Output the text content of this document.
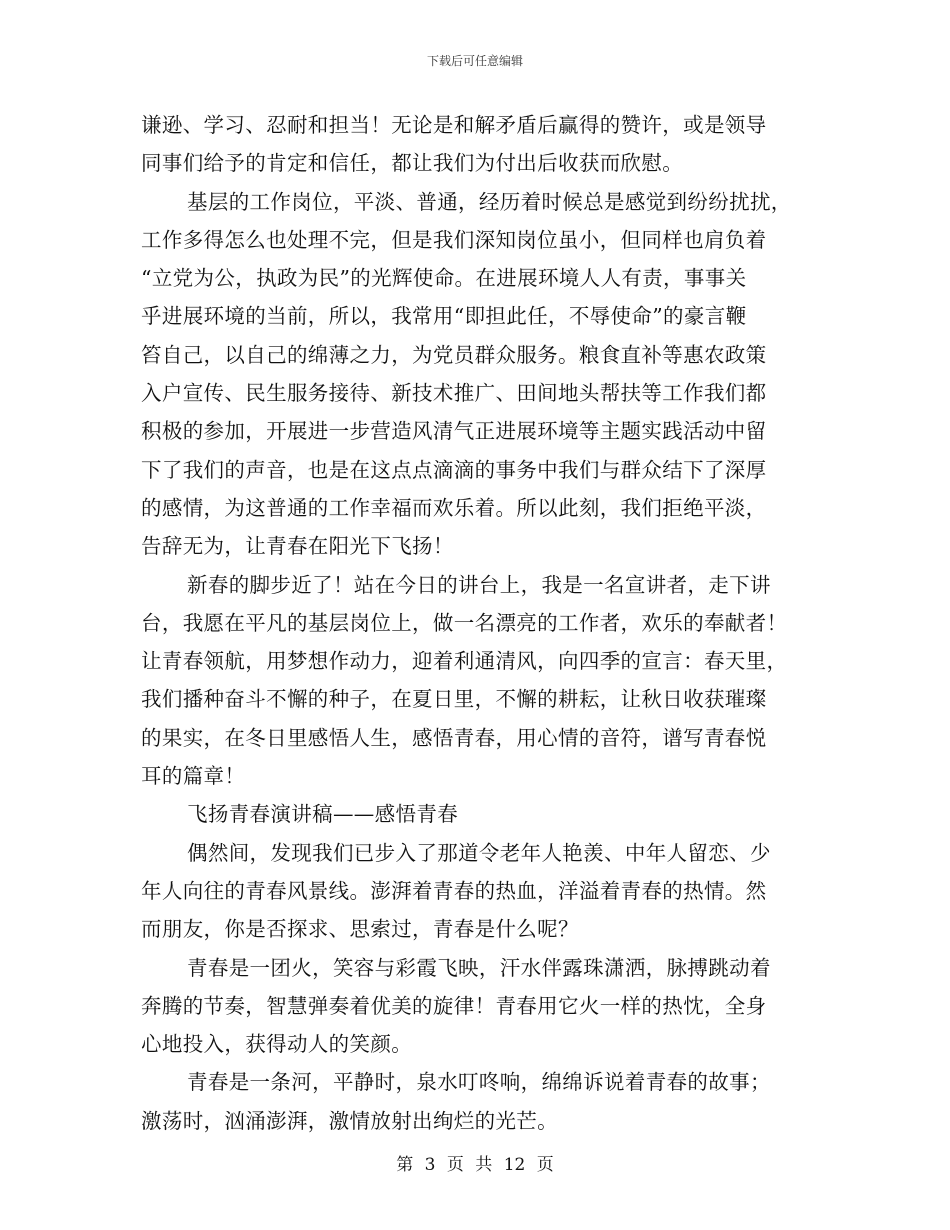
下载后可任意编辑
谦逊、学习、忍耐和担当！无论是和解矛盾后赢得的赞许，或是领导
同事们给予的肯定和信任，都让我们为付出后收获而欣慰。
基层的工作岗位，平淡、普通，经历着时候总是感觉到纷纷扰扰，
工作多得怎么也处理不完，但是我们深知岗位虽小，但同样也肩负着
“立党为公，执政为民”的光辉使命。在进展环境人人有责，事事关
乎进展环境的当前，所以，我常用“即担此任，不辱使命”的豪言鞭
笞自己，以自己的绵薄之力，为党员群众服务。粮食直补等惠农政策
入户宣传、民生服务接待、新技术推广、田间地头帮扶等工作我们都
积极的参加，开展进一步营造风清气正进展环境等主题实践活动中留
下了我们的声音，也是在这点点滴滴的事务中我们与群众结下了深厚
的感情，为这普通的工作幸福而欢乐着。所以此刻，我们拒绝平淡，
告辞无为，让青春在阳光下飞扬！
新春的脚步近了！站在今日的讲台上，我是一名宣讲者，走下讲
台，我愿在平凡的基层岗位上，做一名漂亮的工作者，欢乐的奉献者！
让青春领航，用梦想作动力，迎着利通清风，向四季的宣言：春天里，
我们播种奋斗不懈的种子，在夏日里，不懈的耕耘，让秋日收获璀璨
的果实，在冬日里感悟人生，感悟青春，用心情的音符，谱写青春悦
耳的篇章！
飞扬青春演讲稿——感悟青春
偶然间，发现我们已步入了那道令老年人艳羡、中年人留恋、少
年人向往的青春风景线。澎湃着青春的热血，洋溢着青春的热情。然
而朋友，你是否探求、思索过，青春是什么呢？
青春是一团火，笑容与彩霞飞映，汗水伴露珠潇洒，脉搏跳动着
奔腾的节奏，智慧弹奏着优美的旋律！青春用它火一样的热忱，全身
心地投入，获得动人的笑颜。
青春是一条河，平静时，泉水叮咚响，绵绵诉说着青春的故事；
激荡时，汹涌澎湃，激情放射出绚烂的光芒。
第 3 页 共 12 页
